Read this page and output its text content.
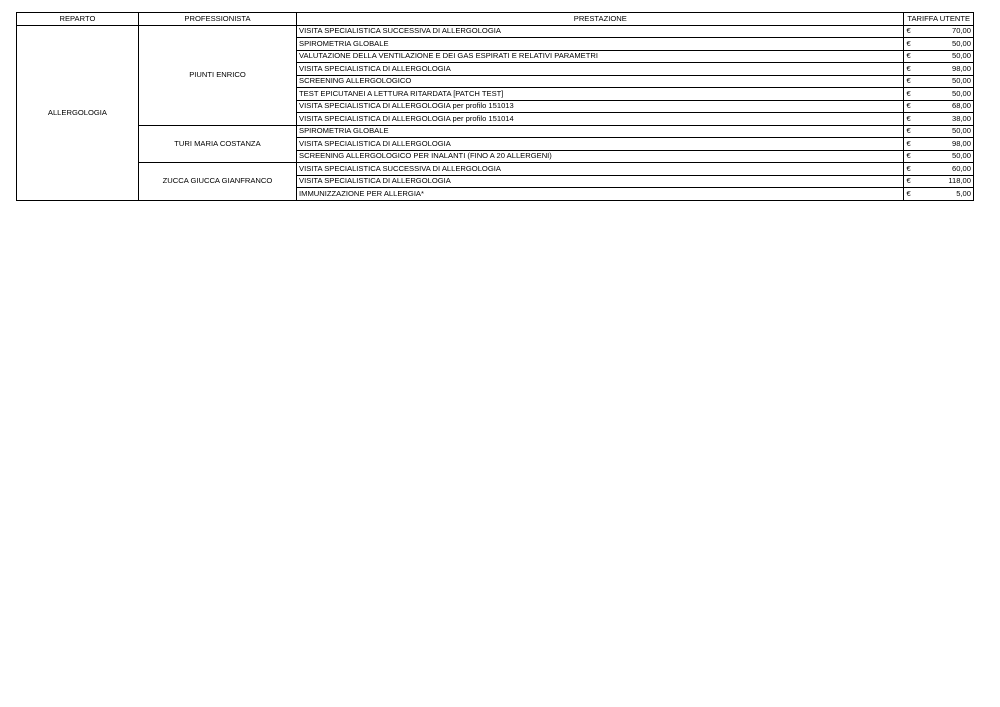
REPARTO	PROFESSIONISTA	PRESTAZIONE	TARIFFA UTENTE
ALLERGOLOGIA	PIUNTI ENRICO	VISITA SPECIALISTICA SUCCESSIVA DI ALLERGOLOGIA	€ 70,00

		SPIROMETRIA GLOBALE	€ 50,00

		VALUTAZIONE DELLA VENTILAZIONE E DEI GAS ESPIRATI E RELATIVI PARAMETRI	€ 50,00

		VISITA SPECIALISTICA DI ALLERGOLOGIA	€ 98,00

		SCREENING ALLERGOLOGICO	€ 50,00

		TEST EPICUTANEI A LETTURA RITARDATA [PATCH TEST]	€ 50,00

		VISITA SPECIALISTICA DI ALLERGOLOGIA per profilo 151013	€ 68,00

		VISITA SPECIALISTICA DI ALLERGOLOGIA per profilo 151014	€ 38,00

	TURI MARIA COSTANZA	SPIROMETRIA GLOBALE	€ 50,00

		VISITA SPECIALISTICA DI ALLERGOLOGIA	€ 98,00

		SCREENING ALLERGOLOGICO PER INALANTI (FINO A 20 ALLERGENI)	€ 50,00

	ZUCCA GIUCCA GIANFRANCO	VISITA SPECIALISTICA SUCCESSIVA DI ALLERGOLOGIA	€ 60,00

		VISITA SPECIALISTICA DI ALLERGOLOGIA	€ 118,00

		IMMUNIZZAZIONE PER ALLERGIA*	€ 5,00
